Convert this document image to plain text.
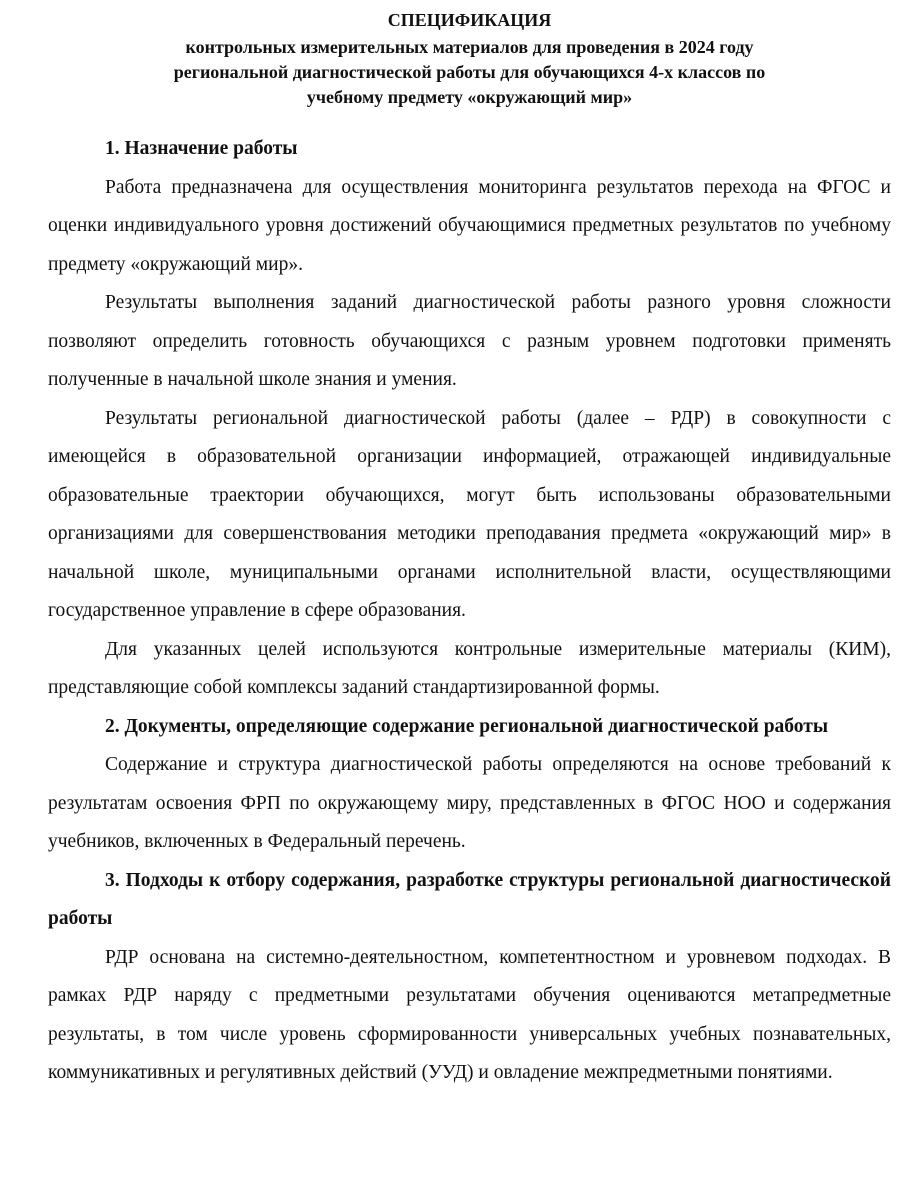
СПЕЦИФИКАЦИЯ
контрольных измерительных материалов для проведения в 2024 году
региональной диагностической работы для обучающихся 4-х классов по
учебному предмету «окружающий мир»
1. Назначение работы

Работа предназначена для осуществления мониторинга результатов перехода на ФГОС и оценки индивидуального уровня достижений обучающимися предметных результатов по учебному предмету «окружающий мир».

Результаты выполнения заданий диагностической работы разного уровня сложности позволяют определить готовность обучающихся с разным уровнем подготовки применять полученные в начальной школе знания и умения.

Результаты региональной диагностической работы (далее – РДР) в совокупности с имеющейся в образовательной организации информацией, отражающей индивидуальные образовательные траектории обучающихся, могут быть использованы образовательными организациями для совершенствования методики преподавания предмета «окружающий мир» в начальной школе, муниципальными органами исполнительной власти, осуществляющими государственное управление в сфере образования.

Для указанных целей используются контрольные измерительные материалы (КИМ), представляющие собой комплексы заданий стандартизированной формы.

2. Документы, определяющие содержание региональной диагностической работы

Содержание и структура диагностической работы определяются на основе требований к результатам освоения ФРП по окружающему миру, представленных в ФГОС НОО и содержания учебников, включенных в Федеральный перечень.

3. Подходы к отбору содержания, разработке структуры региональной диагностической работы

РДР основана на системно-деятельностном, компетентностном и уровневом подходах. В рамках РДР наряду с предметными результатами обучения оцениваются метапредметные результаты, в том числе уровень сформированности универсальных учебных познавательных, коммуникативных и регулятивных действий (УУД) и овладение межпредметными понятиями.
